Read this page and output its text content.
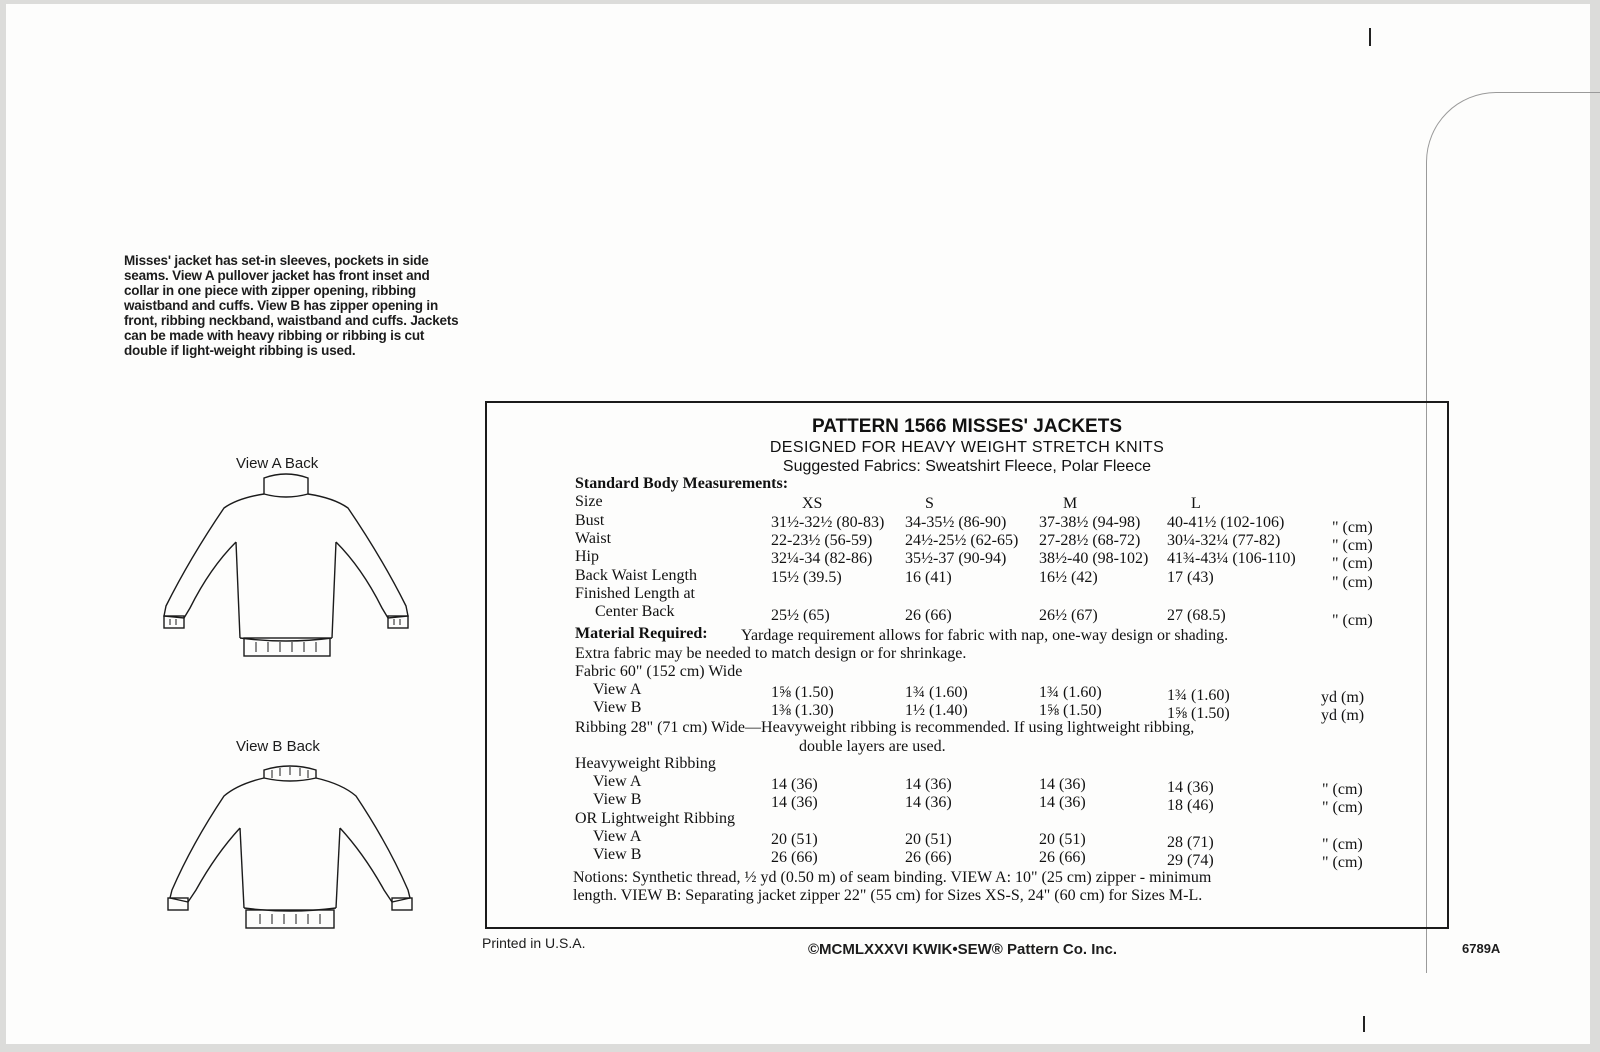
Misses' jacket has set-in sleeves, pockets in side seams. View A pullover jacket has front inset and collar in one piece with zipper opening, ribbing waistband and cuffs. View B has zipper opening in front, ribbing neckband, waistband and cuffs. Jackets can be made with heavy ribbing or ribbing is cut double if light-weight ribbing is used.
View A Back
View B Back
PATTERN 1566 MISSES' JACKETS
DESIGNED FOR HEAVY WEIGHT STRETCH KNITS
Suggested Fabrics: Sweatshirt Fleece, Polar Fleece
Standard Body Measurements:
Size	XS	S	M	L
Bust	31½-32½ (80-83) 34-35½ (86-90) 37-38½ (94-98) 40-41½ (102-106)	" (cm)
Waist	22-23½ (56-59) 24½-25½ (62-65) 27-28½ (68-72) 30¼-32¼ (77-82)	" (cm)
Hip	32¼-34 (82-86) 35½-37 (90-94) 38½-40 (98-102) 41¾-43¼ (106-110) " (cm)
Back Waist Length	15½ (39.5)	16 (41)	16½ (42)	17 (43)	" (cm)
Finished Length at
Center Back	25½ (65)	26 (66)	26½ (67)	27 (68.5)	" (cm)
Material Required: Yardage requirement allows for fabric with nap, one-way design or shading.
Extra fabric may be needed to match design or for shrinkage.
Fabric 60" (152 cm) Wide
View A	1⅝ (1.50)	1¾ (1.60)	1¾ (1.60)	1¾ (1.60)	yd (m)
View B	1⅜ (1.30)	1½ (1.40)	1⅝ (1.50)	1⅝ (1.50)	yd (m)
Ribbing 28" (71 cm) Wide—Heavyweight ribbing is recommended. If using lightweight ribbing,
double layers are used.
Heavyweight Ribbing
View A	14 (36)	14 (36)	14 (36)	14 (36)	" (cm)
View B	14 (36)	14 (36)	14 (36)	18 (46)	" (cm)
OR Lightweight Ribbing
View A	20 (51)	20 (51)	20 (51)	28 (71)	" (cm)
View B	26 (66)	26 (66)	26 (66)	29 (74)	" (cm)
Notions: Synthetic thread, ½ yd (0.50 m) of seam binding. VIEW A: 10" (25 cm) zipper - minimum
length. VIEW B: Separating jacket zipper 22" (55 cm) for Sizes XS-S, 24" (60 cm) for Sizes M-L.
Printed in U.S.A.	©MCMLXXXVI KWIK•SEW® Pattern Co. Inc.	6789A
